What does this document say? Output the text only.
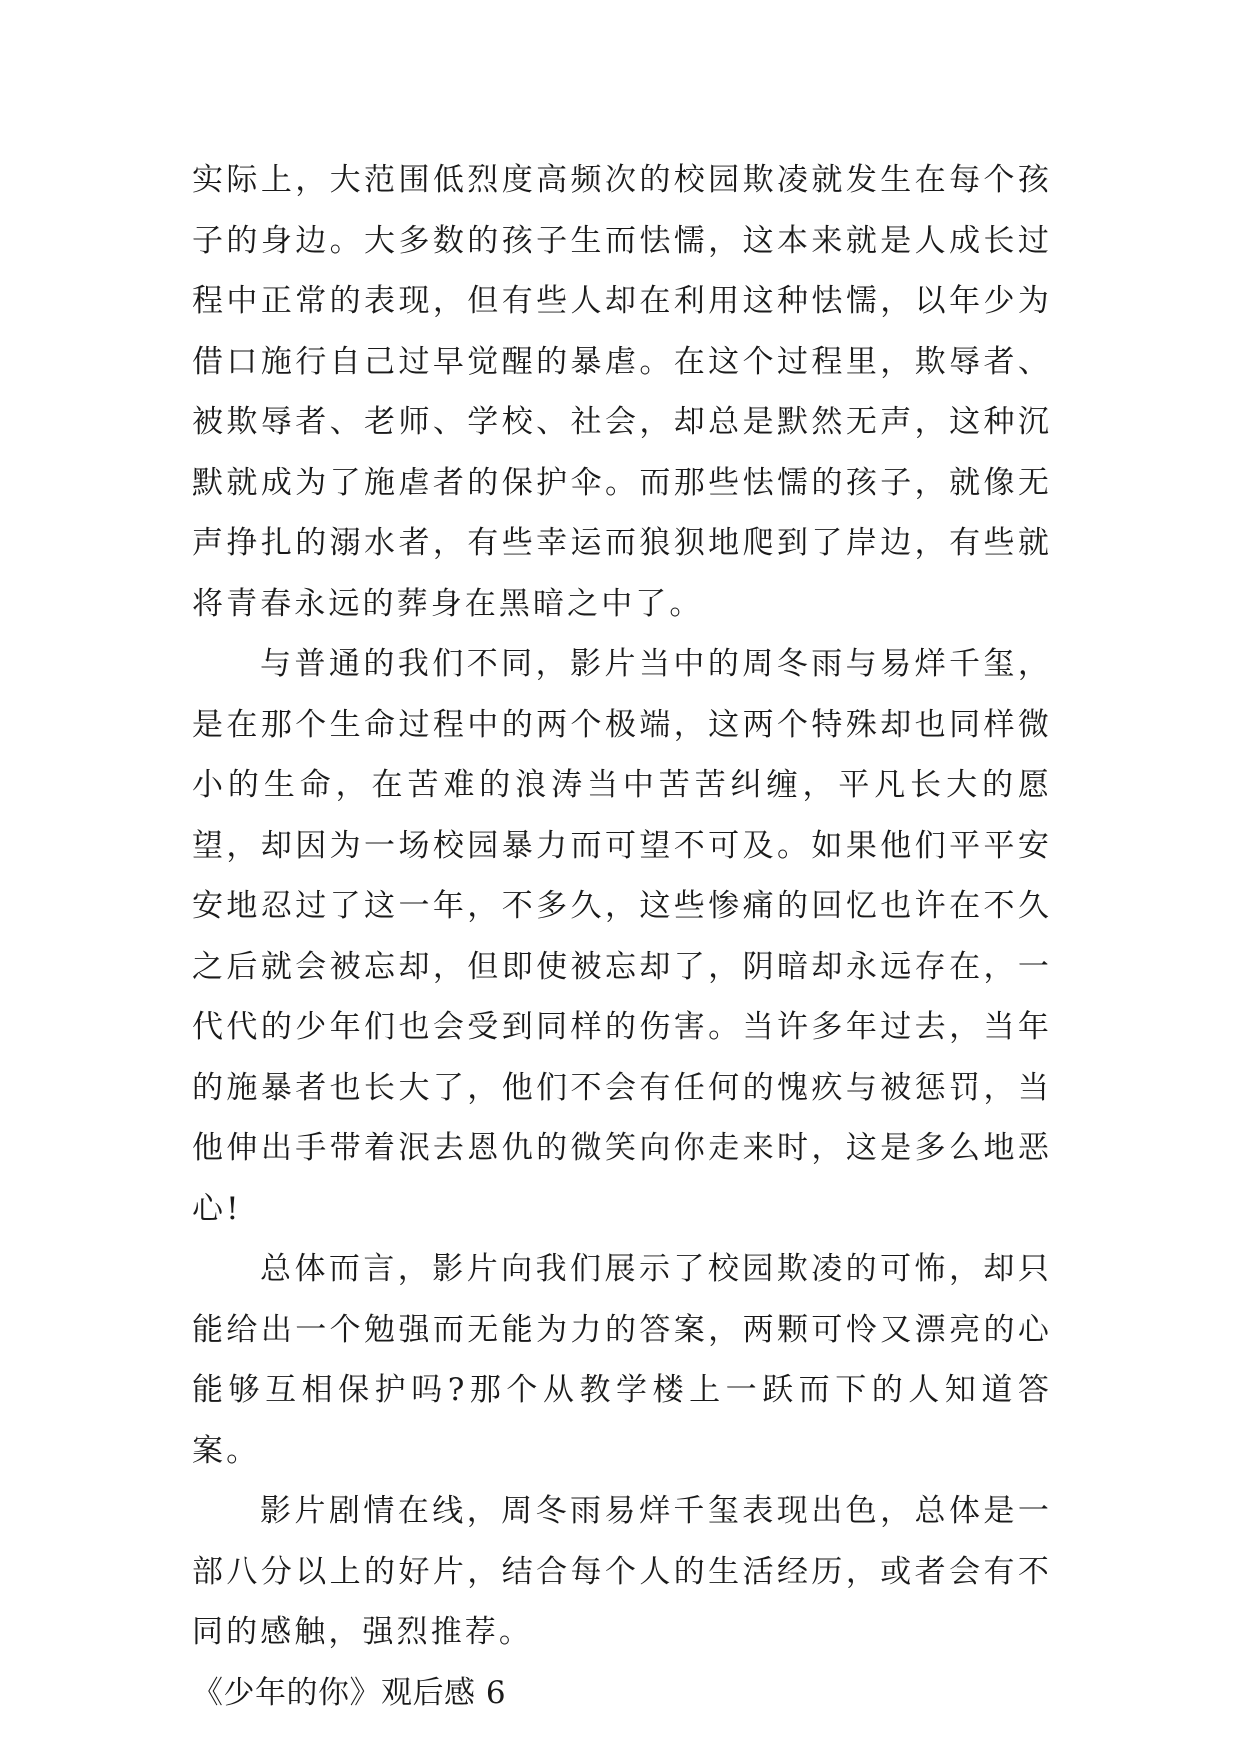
实际上，大范围低烈度高频次的校园欺凌就发生在每个孩子的身边。大多数的孩子生而怯懦，这本来就是人成长过程中正常的表现，但有些人却在利用这种怯懦，以年少为借口施行自己过早觉醒的暴虐。在这个过程里，欺辱者、被欺辱者、老师、学校、社会，却总是默然无声，这种沉默就成为了施虐者的保护伞。而那些怯懦的孩子，就像无声挣扎的溺水者，有些幸运而狼狈地爬到了岸边，有些就将青春永远的葬身在黑暗之中了。

与普通的我们不同，影片当中的周冬雨与易烊千玺，是在那个生命过程中的两个极端，这两个特殊却也同样微小的生命，在苦难的浪涛当中苦苦纠缠，平凡长大的愿望，却因为一场校园暴力而可望不可及。如果他们平平安安地忍过了这一年，不多久，这些惨痛的回忆也许在不久之后就会被忘却，但即使被忘却了，阴暗却永远存在，一代代的少年们也会受到同样的伤害。当许多年过去，当年的施暴者也长大了，他们不会有任何的愧疚与被惩罚，当他伸出手带着泯去恩仇的微笑向你走来时，这是多么地恶心!

总体而言，影片向我们展示了校园欺凌的可怖，却只能给出一个勉强而无能为力的答案，两颗可怜又漂亮的心能够互相保护吗?那个从教学楼上一跃而下的人知道答案。

影片剧情在线，周冬雨易烊千玺表现出色，总体是一部八分以上的好片，结合每个人的生活经历，或者会有不同的感触，强烈推荐。

《少年的你》观后感 6
